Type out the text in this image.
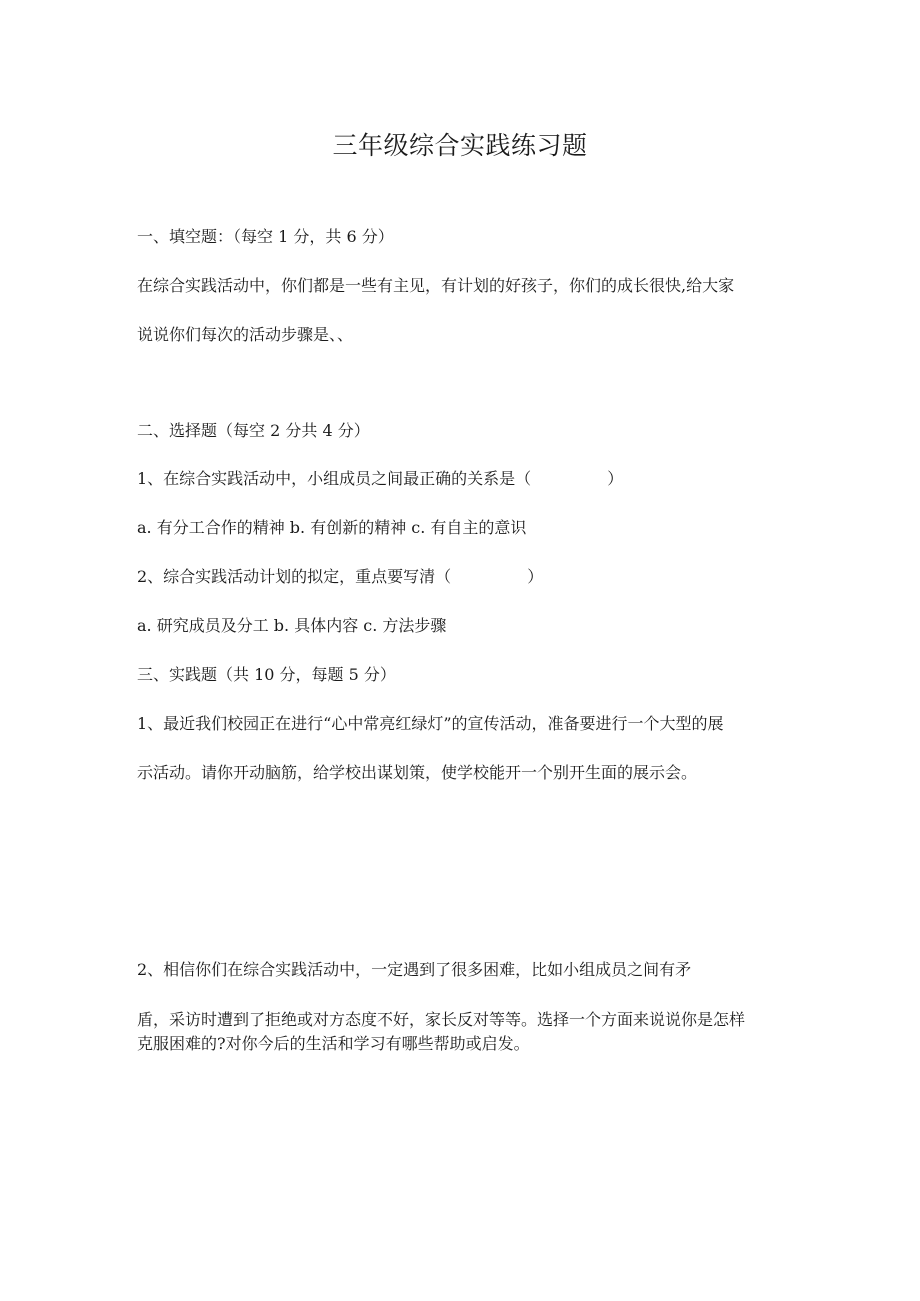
三年级综合实践练习题
一、填空题：（每空 1 分，共 6 分）
在综合实践活动中，你们都是一些有主见，有计划的好孩子，你们的成长很快,给大家
说说你们每次的活动步骤是、、
二、选择题（每空 2 分共 4 分）
1、在综合实践活动中，小组成员之间最正确的关系是（	）
a. 有分工合作的精神 b. 有创新的精神 c. 有自主的意识
2、综合实践活动计划的拟定，重点要写清（	）
a. 研究成员及分工 b. 具体内容 c. 方法步骤
三、实践题（共 10 分，每题 5 分）
1、最近我们校园正在进行“心中常亮红绿灯”的宣传活动，准备要进行一个大型的展
示活动。请你开动脑筋，给学校出谋划策，使学校能开一个别开生面的展示会。
2、相信你们在综合实践活动中，一定遇到了很多困难，比如小组成员之间有矛
盾，采访时遭到了拒绝或对方态度不好，家长反对等等。选择一个方面来说说你是怎样
克服困难的?对你今后的生活和学习有哪些帮助或启发。
